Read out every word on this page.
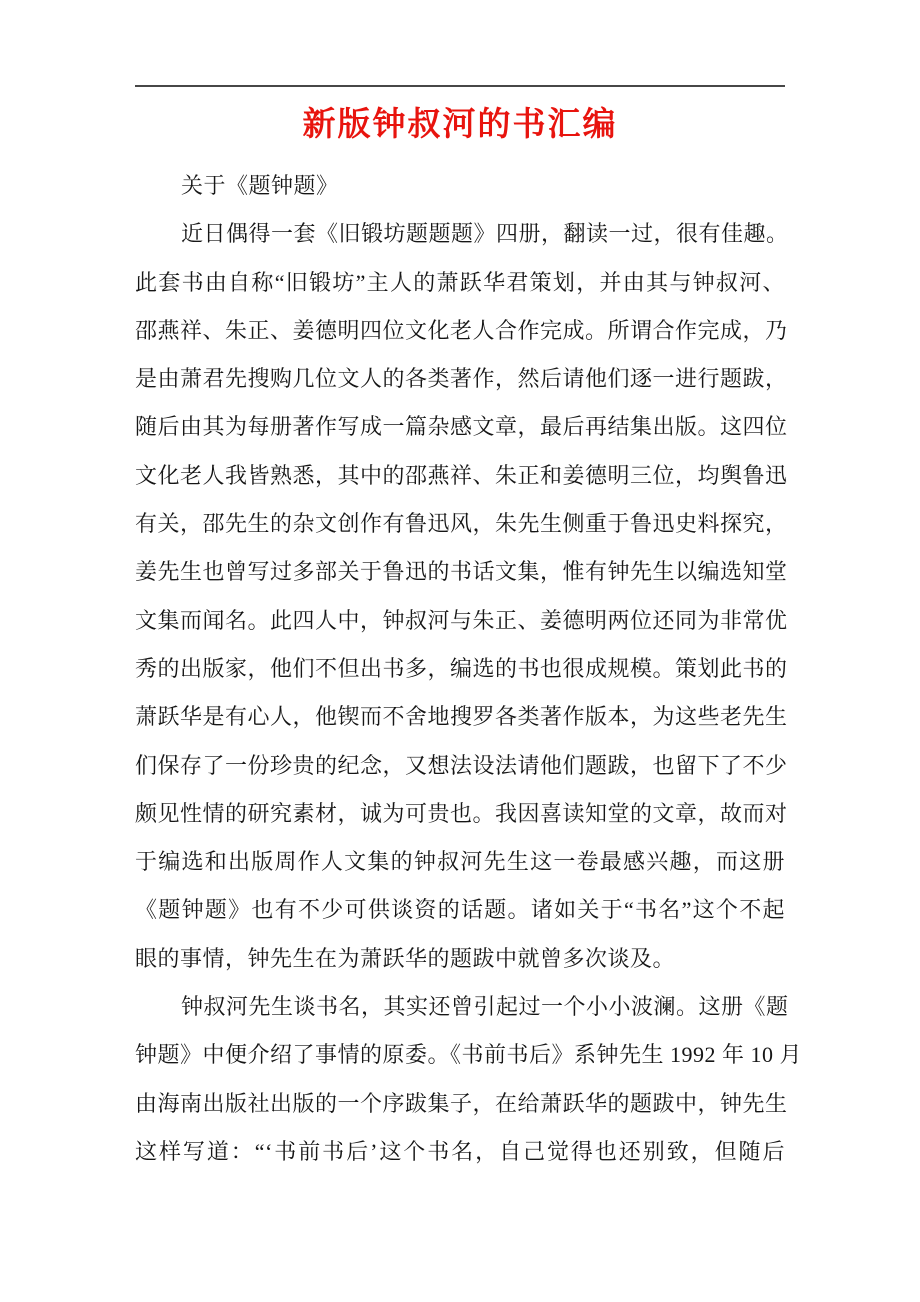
新版钟叔河的书汇编
关于《题钟题》
近日偶得一套《旧锻坊题题题》四册，翻读一过，很有佳趣。
此套书由自称“旧锻坊”主人的萧跃华君策划，并由其与钟叔河、
邵燕祥、朱正、姜德明四位文化老人合作完成。所谓合作完成，乃
是由萧君先搜购几位文人的各类著作，然后请他们逐一进行题跋，
随后由其为每册著作写成一篇杂感文章，最后再结集出版。这四位
文化老人我皆熟悉，其中的邵燕祥、朱正和姜德明三位，均舆鲁迅
有关，邵先生的杂文创作有鲁迅风，朱先生侧重于鲁迅史料探究，
姜先生也曾写过多部关于鲁迅的书话文集，惟有钟先生以编选知堂
文集而闻名。此四人中，钟叔河与朱正、姜德明两位还同为非常优
秀的出版家，他们不但出书多，编选的书也很成规模。策划此书的
萧跃华是有心人，他锲而不舍地搜罗各类著作版本，为这些老先生
们保存了一份珍贵的纪念，又想法设法请他们题跋，也留下了不少
颇见性情的研究素材，诚为可贵也。我因喜读知堂的文章，故而对
于编选和出版周作人文集的钟叔河先生这一卷最感兴趣，而这册
《题钟题》也有不少可供谈资的话题。诸如关于“书名”这个不起
眼的事情，钟先生在为萧跃华的题跋中就曾多次谈及。
钟叔河先生谈书名，其实还曾引起过一个小小波澜。这册《题
钟题》中便介绍了事情的原委。《书前书后》系钟先生 1992 年 10 月
由海南出版社出版的一个序跋集子，在给萧跃华的题跋中，钟先生
这样写道：“‘书前书后’这个书名，自己觉得也还别致，但随后
